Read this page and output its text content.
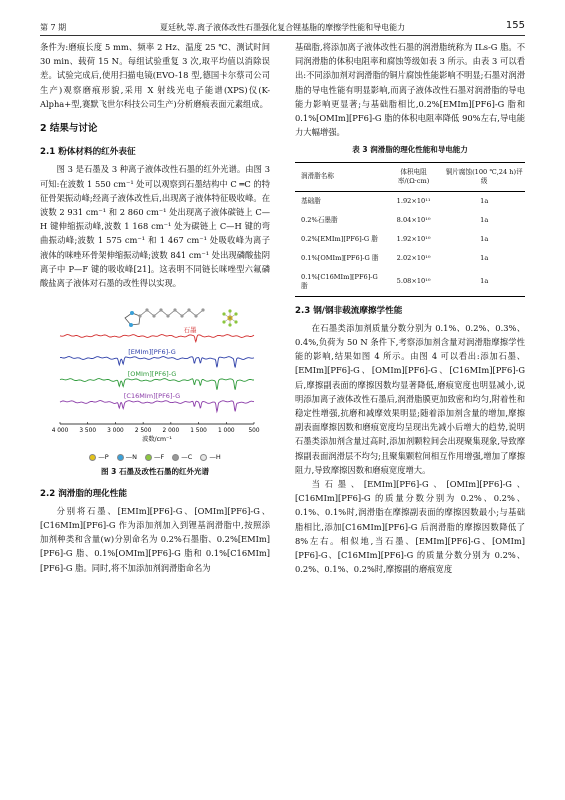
第 7 期	夏廷秋,等.离子液体改性石墨强化复合锂基脂的摩擦学性能和导电能力	155

条件为:磨痕长度 5 mm、频率 2 Hz、温度 25 ℃、测试时间 30 min、载荷 15 N。每组试验重复 3 次,取平均值以消除误差。试验完成后,使用扫描电镜(EVO-18 型,德国卡尔蔡司公司生产)观察磨痕形貌,采用 X 射线光电子能谱(XPS)仪(K-Alpha+型,赛默飞世尔科技公司生产)分析磨痕表面元素组成。

2 结果与讨论
2.1 粉体材料的红外表征

图 3 是石墨及 3 种离子液体改性石墨的红外光谱。由图 3 可知:在波数 1 550 cm⁻¹ 处可以观察到石墨结构中 C ═C 的特征骨架振动峰;经离子液体改性后,出现离子液体特征吸收峰。在波数 2 931 cm⁻¹ 和 2 860 cm⁻¹ 处出现离子液体碳链上 C—H 键伸缩振动峰,波数 1 168 cm⁻¹ 处为碳链上 C—H 键的弯曲振动峰;波数 1 575 cm⁻¹ 和 1 467 cm⁻¹ 处吸收峰为离子液体的咪唑环骨架伸缩振动峰;波数 841 cm⁻¹ 处出现磷酸盐阴离子中 P—F 键的吸收峰[21]。这表明不同链长咪唑型六氟磷酸盐离子液体对石墨的改性得以实现。

石墨
[EMIm][PF6]-G
[OMIm][PF6]-G
[C16MIm][PF6]-G
4 000 3 500 3 000 2 500 2 000 1 500 1 000 500
波数/cm⁻¹
—P	—N	—F	—C	—H
图 3 石墨及改性石墨的红外光谱
2.2 润滑脂的理化性能

分别将石墨、[EMIm][PF6]-G、[OMIm][PF6]-G、[C16MIm][PF6]-G 作为添加剂加入到锂基润滑脂中,按照添加剂种类和含量(w)分别命名为 0.2%石墨脂、0.2%[EMIm][PF6]-G 脂、0.1%[OMIm][PF6]-G 脂和 0.1%[C16MIm][PF6]-G 脂。同时,将不加添加剂润滑脂命名为

基础脂,将添加离子液体改性石墨的润滑脂统称为 ILs-G 脂。不同润滑脂的体积电阻率和腐蚀等级如表 3 所示。由表 3 可以看出:不同添加剂对润滑脂的铜片腐蚀性能影响不明显;石墨对润滑脂的导电性能有明显影响,而离子液体改性石墨对润滑脂的导电能力影响更显著;与基础脂相比,0.2%[EMIm][PF6]-G 脂和 0.1%[OMIm][PF6]-G 脂的体积电阻率降低 90%左右,导电能力大幅增强。

表 3 润滑脂的理化性能和导电能力
润滑脂名称	体积电阻率/(Ω·cm)	铜片腐蚀(100 ℃,24 h)评级
基础脂	1.92×10¹¹	1a
0.2%石墨脂	8.04×10¹⁰	1a
0.2%[EMIm][PF6]-G 脂	1.92×10¹⁰	1a
0.1%[OMIm][PF6]-G 脂	2.02×10¹⁰	1a
0.1%[C16MIm][PF6]-G 脂	5.08×10¹⁰	1a
2.3 钢/钢非载流摩擦学性能

在石墨类添加剂质量分数分别为 0.1%、0.2%、0.3%、0.4%,负荷为 50 N 条件下,考察添加剂含量对润滑脂摩擦学性能的影响,结果如图 4 所示。由图 4 可以看出:添加石墨、[EMIm][PF6]-G、[OMIm][PF6]-G、[C16MIm][PF6]-G 后,摩擦副表面的摩擦因数均显著降低,磨痕宽度也明显减小,说明添加离子液体改性石墨后,润滑脂膜更加致密和均匀,附着性和稳定性增强,抗磨和减摩效果明显;随着添加剂含量的增加,摩擦副表面摩擦因数和磨痕宽度均呈现出先减小后增大的趋势,说明石墨类添加剂含量过高时,添加剂颗粒间会出现聚集现象,导致摩擦副表面润滑层不均匀;且聚集颗粒间相互作用增强,增加了摩擦阻力,导致摩擦因数和磨痕宽度增大。

当石墨、[EMIm][PF6]-G、[OMIm][PF6]-G、[C16MIm][PF6]-G 的质量分数分别为 0.2%、0.2%、0.1%、0.1%时,润滑脂在摩擦副表面的摩擦因数最小;与基础脂相比,添加[C16MIm][PF6]-G 后润滑脂的摩擦因数降低了 8%左右。相似地,当石墨、[EMIm][PF6]-G、[OMIm][PF6]-G、[C16MIm][PF6]-G 的质量分数分别为 0.2%、0.2%、0.1%、0.2%时,摩擦副的磨痕宽度
